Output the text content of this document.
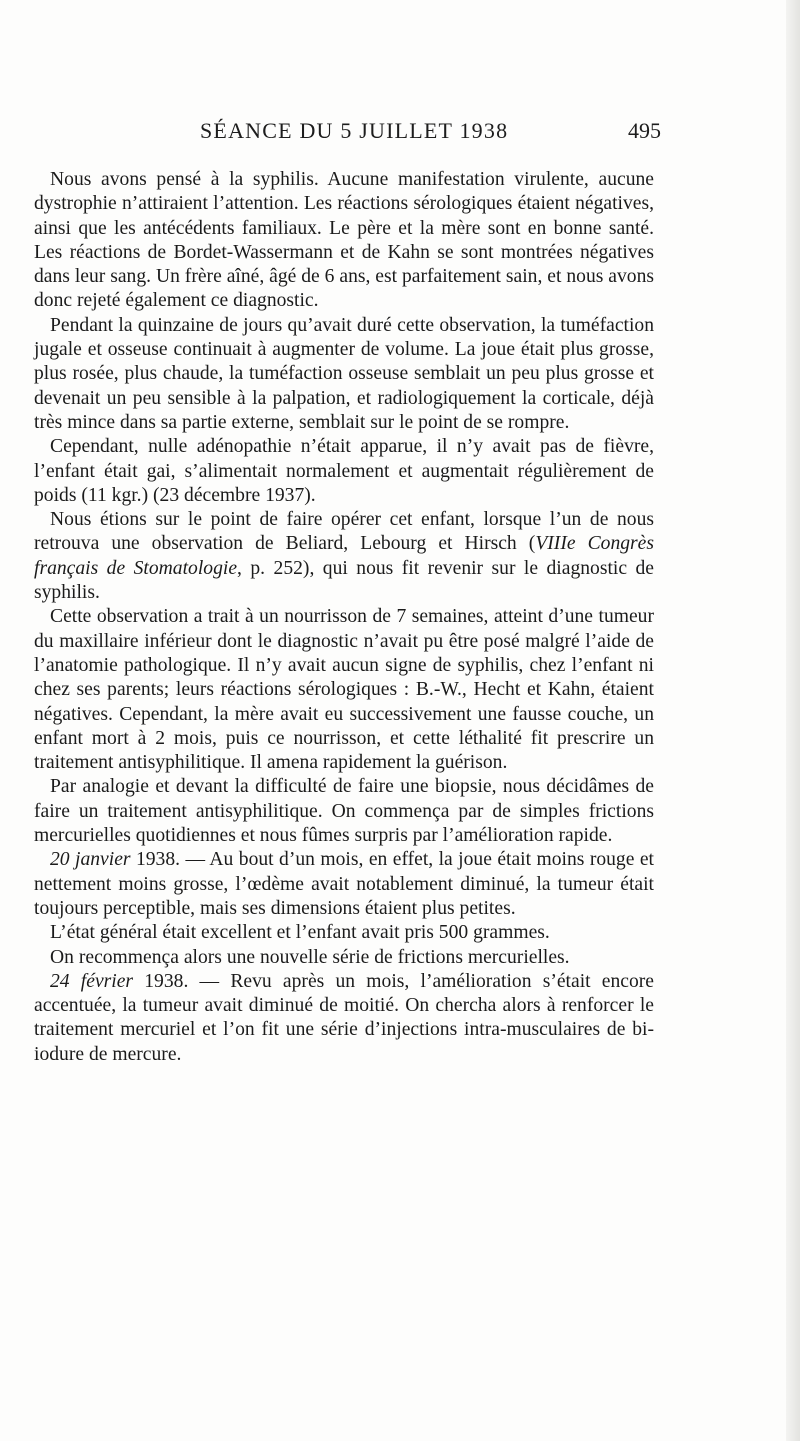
SÉANCE DU 5 JUILLET 1938	495

Nous avons pensé à la syphilis. Aucune manifestation virulente, aucune dystrophie n’attiraient l’attention. Les réactions sérologiques étaient négatives, ainsi que les antécédents familiaux. Le père et la mère sont en bonne santé. Les réactions de Bordet-Wassermann et de Kahn se sont montrées négatives dans leur sang. Un frère aîné, âgé de 6 ans, est parfaitement sain, et nous avons donc rejeté également ce diagnostic.

Pendant la quinzaine de jours qu’avait duré cette observation, la tuméfaction jugale et osseuse continuait à augmenter de volume. La joue était plus grosse, plus rosée, plus chaude, la tuméfaction osseuse semblait un peu plus grosse et devenait un peu sensible à la palpation, et radiologiquement la corticale, déjà très mince dans sa partie externe, semblait sur le point de se rompre.

Cependant, nulle adénopathie n’était apparue, il n’y avait pas de fièvre, l’enfant était gai, s’alimentait normalement et augmentait régulièrement de poids (11 kgr.) (23 décembre 1937).

Nous étions sur le point de faire opérer cet enfant, lorsque l’un de nous retrouva une observation de Beliard, Lebourg et Hirsch (VIIIe Congrès français de Stomatologie, p. 252), qui nous fit revenir sur le diagnostic de syphilis.

Cette observation a trait à un nourrisson de 7 semaines, atteint d’une tumeur du maxillaire inférieur dont le diagnostic n’avait pu être posé malgré l’aide de l’anatomie pathologique. Il n’y avait aucun signe de syphilis, chez l’enfant ni chez ses parents; leurs réactions sérologiques : B.-W., Hecht et Kahn, étaient négatives. Cependant, la mère avait eu successivement une fausse couche, un enfant mort à 2 mois, puis ce nourrisson, et cette léthalité fit prescrire un traitement antisyphilitique. Il amena rapidement la guérison.

Par analogie et devant la difficulté de faire une biopsie, nous décidâmes de faire un traitement antisyphilitique. On commença par de simples frictions mercurielles quotidiennes et nous fûmes surpris par l’amélioration rapide.

20 janvier 1938. — Au bout d’un mois, en effet, la joue était moins rouge et nettement moins grosse, l’œdème avait notablement diminué, la tumeur était toujours perceptible, mais ses dimensions étaient plus petites.

L’état général était excellent et l’enfant avait pris 500 grammes.

On recommença alors une nouvelle série de frictions mercurielles.

24 février 1938. — Revu après un mois, l’amélioration s’était encore accentuée, la tumeur avait diminué de moitié. On chercha alors à renforcer le traitement mercuriel et l’on fit une série d’injections intra-musculaires de bi-iodure de mercure.
